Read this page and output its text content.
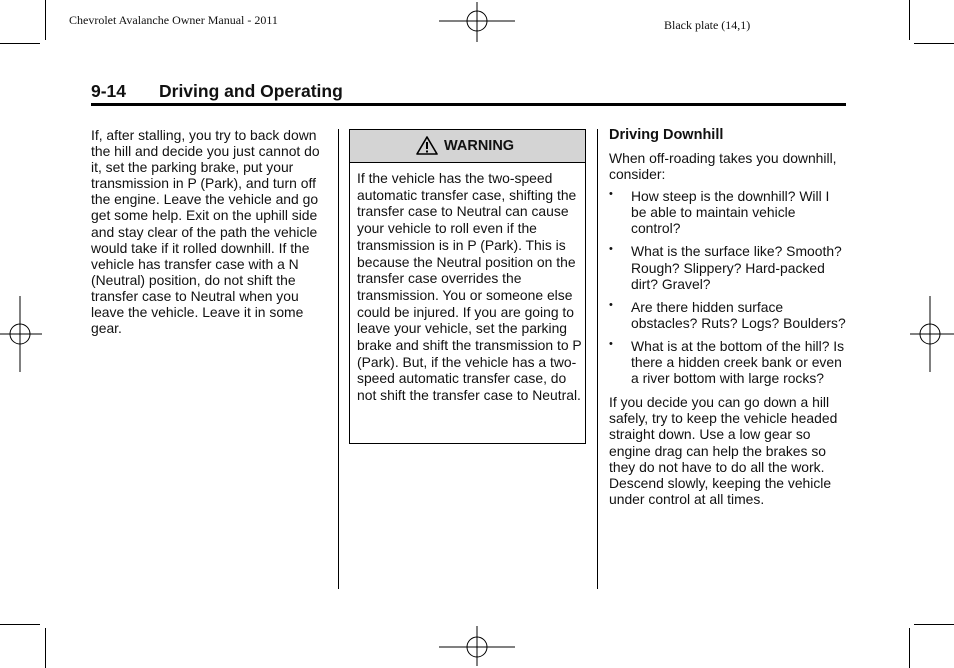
Chevrolet Avalanche Owner Manual - 2011	Black plate (14,1)
9-14 Driving and Operating

If, after stalling, you try to back down the hill and decide you just cannot do it, set the parking brake, put your transmission in P (Park), and turn off the engine. Leave the vehicle and go get some help. Exit on the uphill side and stay clear of the path the vehicle would take if it rolled downhill. If the vehicle has transfer case with a N (Neutral) position, do not shift the transfer case to Neutral when you leave the vehicle. Leave it in some gear.

WARNING

If the vehicle has the two-speed automatic transfer case, shifting the transfer case to Neutral can cause your vehicle to roll even if the transmission is in P (Park). This is because the Neutral position on the transfer case overrides the transmission. You or someone else could be injured. If you are going to leave your vehicle, set the parking brake and shift the transmission to P (Park). But, if the vehicle has a two-speed automatic transfer case, do not shift the transfer case to Neutral.

Driving Downhill

When off-roading takes you downhill, consider:

• How steep is the downhill? Will I be able to maintain vehicle control?
• What is the surface like? Smooth? Rough? Slippery? Hard-packed dirt? Gravel?
• Are there hidden surface obstacles? Ruts? Logs? Boulders?
• What is at the bottom of the hill? Is there a hidden creek bank or even a river bottom with large rocks?

If you decide you can go down a hill safely, try to keep the vehicle headed straight down. Use a low gear so engine drag can help the brakes so they do not have to do all the work. Descend slowly, keeping the vehicle under control at all times.
